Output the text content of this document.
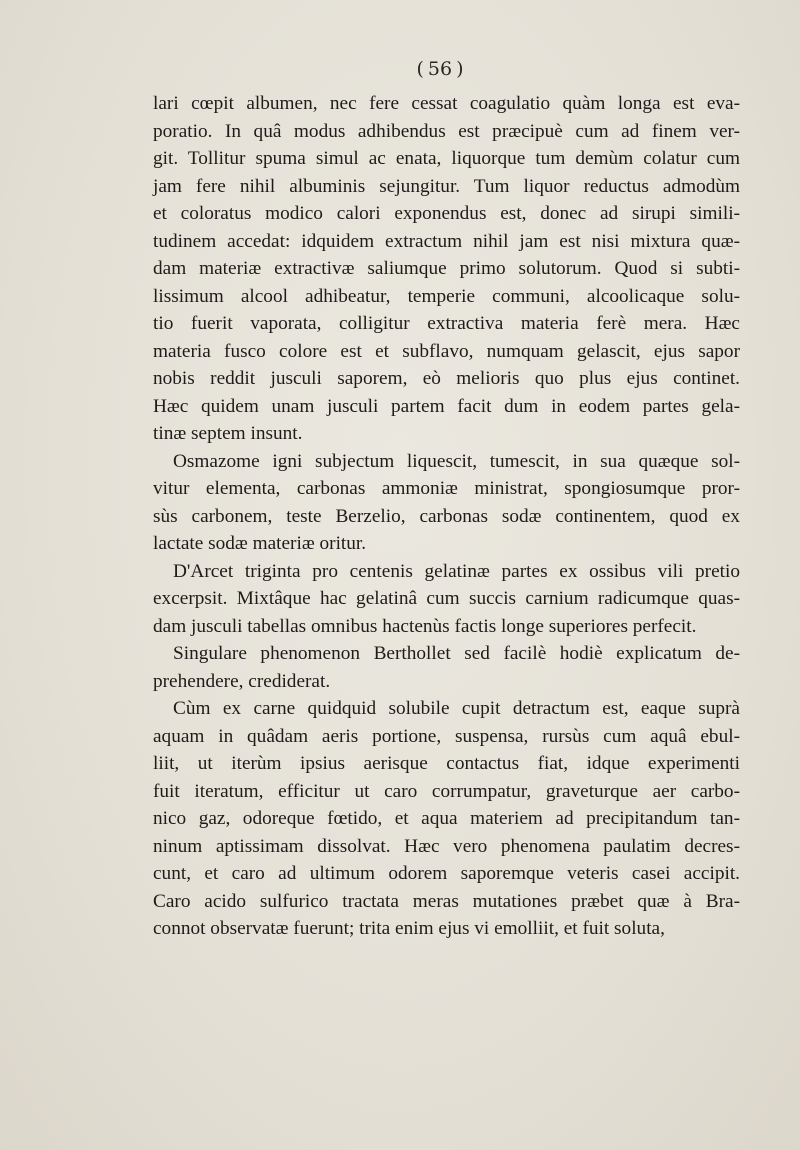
( 56 )
lari cœpit albumen, nec fere cessat coagulatio quàm longa est eva-
poratio. In quâ modus adhibendus est præcipuè cum ad finem ver-
git. Tollitur spuma simul ac enata, liquorque tum demùm colatur cum
jam fere nihil albuminis sejungitur. Tum liquor reductus admodùm
et coloratus modico calori exponendus est, donec ad sirupi simili-
tudinem accedat: idquidem extractum nihil jam est nisi mixtura quæ-
dam materiæ extractivæ saliumque primo solutorum. Quod si subti-
lissimum alcool adhibeatur, temperie communi, alcoolicaque solu-
tio fuerit vaporata, colligitur extractiva materia ferè mera. Hæc
materia fusco colore est et subflavo, numquam gelascit, ejus sapor
nobis reddit jusculi saporem, eò melioris quo plus ejus continet.
Hæc quidem unam jusculi partem facit dum in eodem partes gela-
tinæ septem insunt.
Osmazome igni subjectum liquescit, tumescit, in sua quæque sol-
vitur elementa, carbonas ammoniæ ministrat, spongiosumque pror-
sùs carbonem, teste Berzelio, carbonas sodæ continentem, quod ex
lactate sodæ materiæ oritur.
D'Arcet triginta pro centenis gelatinæ partes ex ossibus vili pretio
excerpsit. Mixtâque hac gelatinâ cum succis carnium radicumque quas-
dam jusculi tabellas omnibus hactenùs factis longe superiores perfecit.
Singulare phenomenon Berthollet sed facilè hodiè explicatum de-
prehendere, crediderat.
Cùm ex carne quidquid solubile cupit detractum est, eaque suprà
aquam in quâdam aeris portione, suspensa, rursùs cum aquâ ebul-
liit, ut iterùm ipsius aerisque contactus fiat, idque experimenti
fuit iteratum, efficitur ut caro corrumpatur, graveturque aer carbo-
nico gaz, odoreque fœtido, et aqua materiem ad precipitandum tan-
ninum aptissimam dissolvat. Hæc vero phenomena paulatim decres-
cunt, et caro ad ultimum odorem saporemque veteris casei accipit.
Caro acido sulfurico tractata meras mutationes præbet quæ à Bra-
connot observatæ fuerunt; trita enim ejus vi emolliit, et fuit soluta,
